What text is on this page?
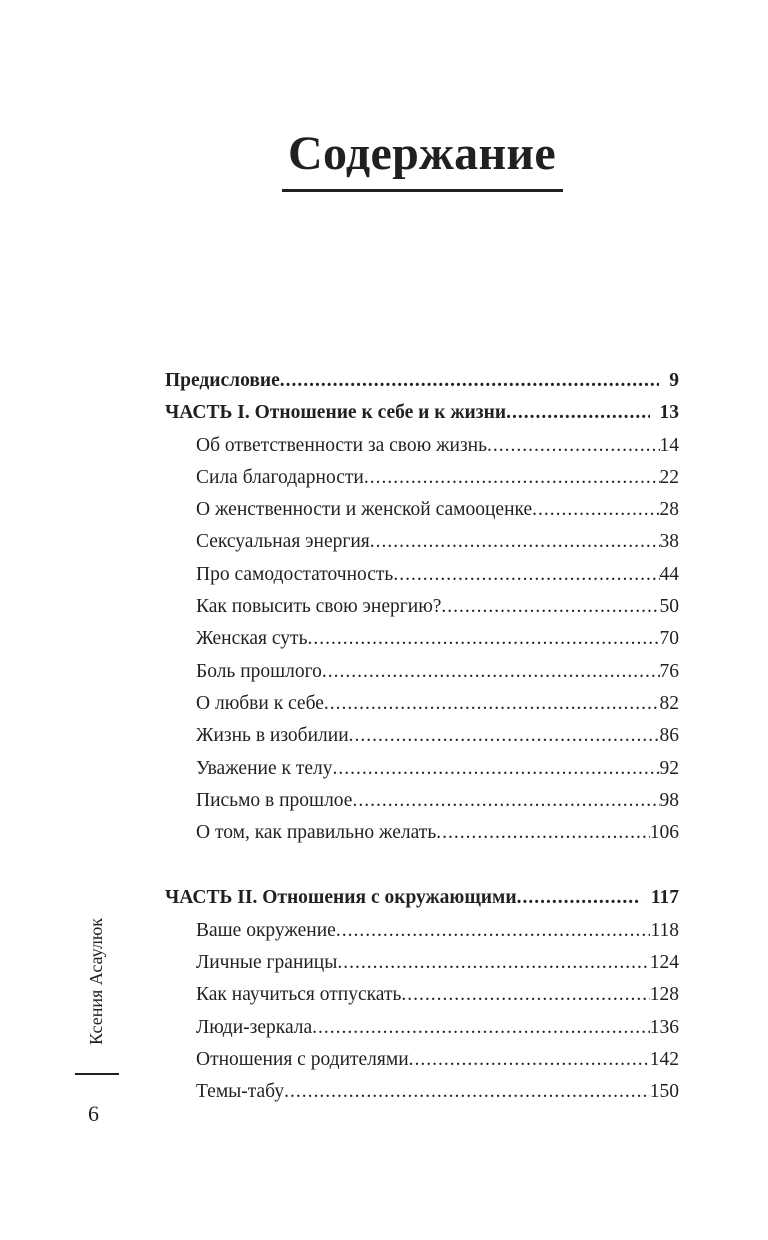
Содержание
Предисловие .....	9
ЧАСТЬ I. Отношение к себе и к жизни .....	13
Об ответственности за свою жизнь .....	14
Сила благодарности .....	22
О женственности и женской самооценке .....	28
Сексуальная энергия .....	38
Про самодостаточность .....	44
Как повысить свою энергию? .....	50
Женская суть .....	70
Боль прошлого .....	76
О любви к себе .....	82
Жизнь в изобилии .....	86
Уважение к телу .....	92
Письмо в прошлое .....	98
О том, как правильно желать .....	106
ЧАСТЬ II. Отношения с окружающими .....	117
Ваше окружение .....	118
Личные границы .....	124
Как научиться отпускать .....	128
Люди-зеркала .....	136
Отношения с родителями .....	142
Темы-табу .....	150
Ксения Асаулюк
6
